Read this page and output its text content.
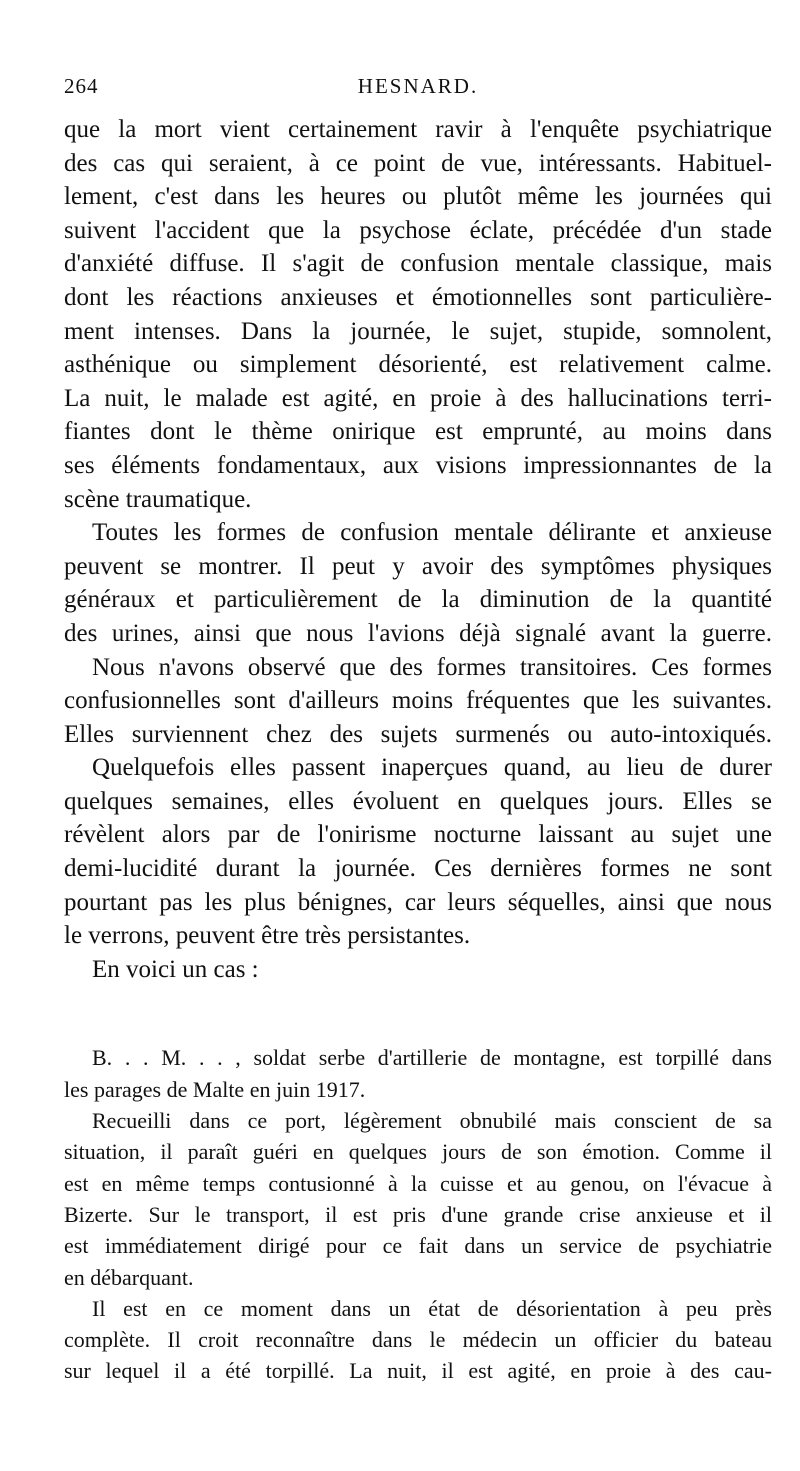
264	HESNARD.

que la mort vient certainement ravir à l'enquête psychiatrique
des cas qui seraient, à ce point de vue, intéressants. Habituel-
lement, c'est dans les heures ou plutôt même les journées qui
suivent l'accident que la psychose éclate, précédée d'un stade
d'anxiété diffuse. Il s'agit de confusion mentale classique, mais
dont les réactions anxieuses et émotionnelles sont particulière-
ment intenses. Dans la journée, le sujet, stupide, somnolent,
asthénique ou simplement désorienté, est relativement calme.
La nuit, le malade est agité, en proie à des hallucinations terri-
fiantes dont le thème onirique est emprunté, au moins dans
ses éléments fondamentaux, aux visions impressionnantes de la

scène traumatique.

Toutes les formes de confusion mentale délirante et anxieuse
peuvent se montrer. Il peut y avoir des symptômes physiques
généraux et particulièrement de la diminution de la quantité
des urines, ainsi que nous l'avions déjà signalé avant la guerre.

Nous n'avons observé que des formes transitoires. Ces formes
confusionnelles sont d'ailleurs moins fréquentes que les suivantes.
Elles surviennent chez des sujets surmenés ou auto-intoxiqués.

Quelquefois elles passent inaperçues quand, au lieu de durer
quelques semaines, elles évoluent en quelques jours. Elles se
révèlent alors par de l'onirisme nocturne laissant au sujet une
demi-lucidité durant la journée. Ces dernières formes ne sont
pourtant pas les plus bénignes, car leurs séquelles, ainsi que nous

le verrons, peuvent être très persistantes.

En voici un cas :

B. . . M. . . , soldat serbe d'artillerie de montagne, est torpillé dans

les parages de Malte en juin 1917.

Recueilli dans ce port, légèrement obnubilé mais conscient de sa
situation, il paraît guéri en quelques jours de son émotion. Comme il
est en même temps contusionné à la cuisse et au genou, on l'évacue à
Bizerte. Sur le transport, il est pris d'une grande crise anxieuse et il
est immédiatement dirigé pour ce fait dans un service de psychiatrie

en débarquant.

Il est en ce moment dans un état de désorientation à peu près
complète. Il croit reconnaître dans le médecin un officier du bateau
sur lequel il a été torpillé. La nuit, il est agité, en proie à des cau-
